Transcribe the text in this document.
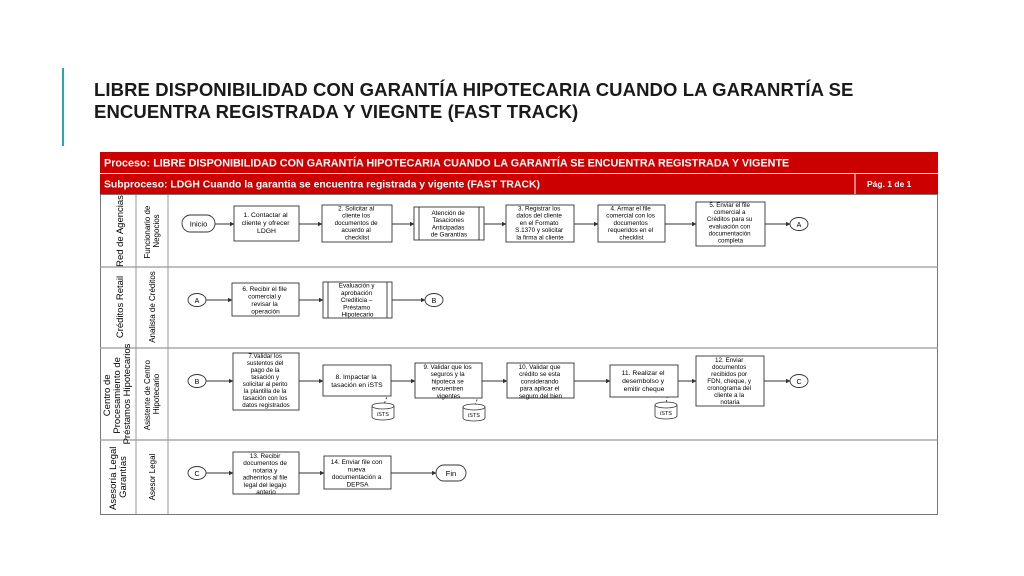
LIBRE DISPONIBILIDAD CON GARANTÍA HIPOTECARIA CUANDO LA GARANRTÍA SE
ENCUENTRA REGISTRADA Y VIEGNTE (FAST TRACK)
Proceso: LIBRE DISPONIBILIDAD CON GARANTÍA HIPOTECARIA CUANDO LA GARANTÍA SE ENCUENTRA REGISTRADA Y VIGENTE
Subproceso: LDGH Cuando la garantia se encuentra registrada y vigente (FAST TRACK)	Pág. 1 de 1
Red de Agencias Funcionario de Negocios
Créditos Retail	Analista de Créditos
Centro de Procesamiento de Préstamos Hipotecarios Asistente de Centro Hipotecario
Asesoría Legal Garantías Asesor Legal
Inicio
Fin
A
A	B
B	C
C
1. Contactar al cliente y ofrecer LDGH
2. Solicitar al cliente los documentos de acuerdo al checklist
Atención de Tasaciones Anticipadas de Garantías
3. Registrar los datos del cliente en el Formato S.1370 y solicitar la firma al cliente
4. Armar el file comercial con los documentos requeridos en el checklist
5. Enviar el file comercial a Créditos para su evaluación con documentación completa
6. Recibir el file comercial y revisar la operación
Evaluación y aprobación Crediticia – Préstamo Hipotecario
7.Validar los sustentos del pago de la tasación y solicitar al perito la plantilla de la tasación con los datos registrados
8. Impactar la tasación en iSTS
9. Validar que los seguros y la hipoteca se encuentren vigentes
10. Validar que crédito se esta considerando para aplicar el seguro del bien
11. Realizar el desembolso y emitir cheque
12. Enviar documentos recibidos por FDN, cheque, y cronograma del cliente a la notaria
13. Recibir documentos de notaria y adherirlos al file legal del legajo anterio
14. Enviar file con nueva documentación a DEPSA
iSTS	iSTS	iSTS
